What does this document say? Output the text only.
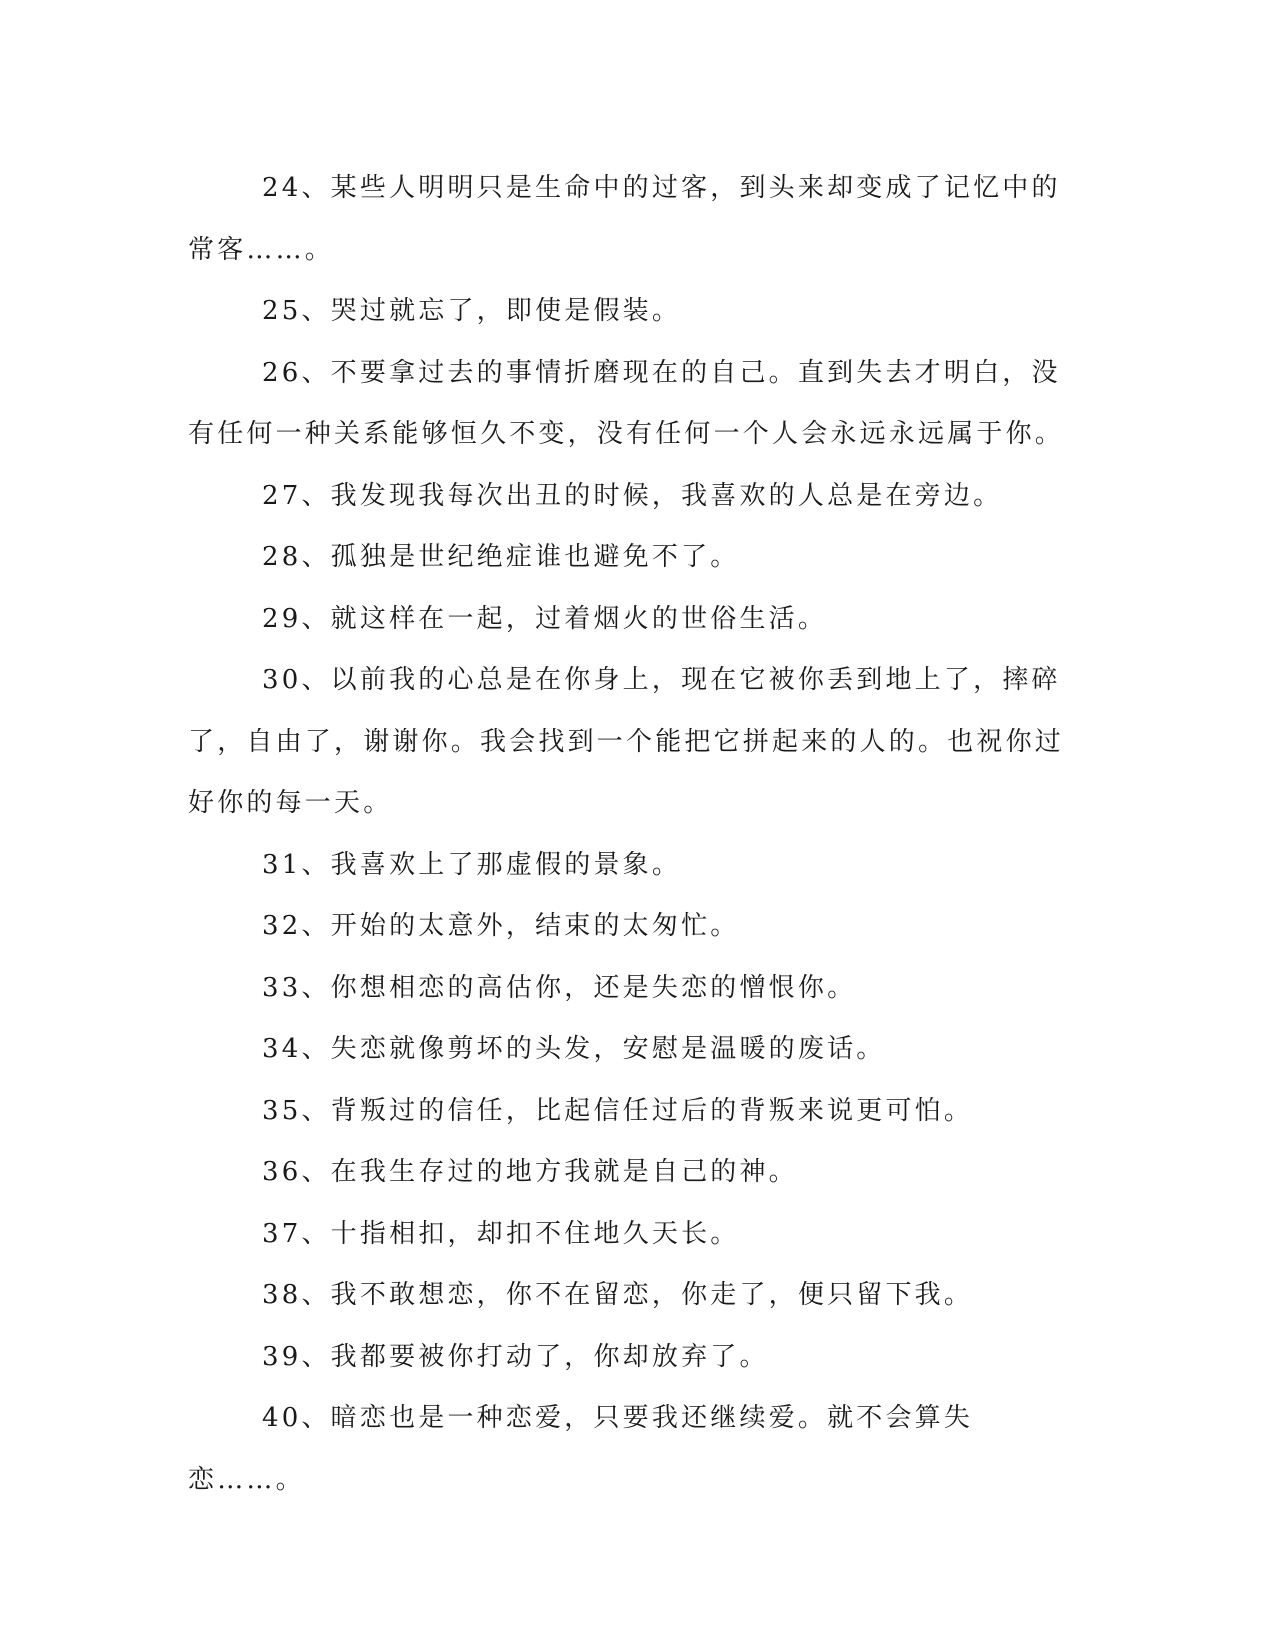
24、某些人明明只是生命中的过客，到头来却变成了记忆中的常客……。

25、哭过就忘了，即使是假装。

26、不要拿过去的事情折磨现在的自己。直到失去才明白，没有任何一种关系能够恒久不变，没有任何一个人会永远永远属于你。

27、我发现我每次出丑的时候，我喜欢的人总是在旁边。

28、孤独是世纪绝症谁也避免不了。

29、就这样在一起，过着烟火的世俗生活。

30、以前我的心总是在你身上，现在它被你丢到地上了，摔碎了，自由了，谢谢你。我会找到一个能把它拼起来的人的。也祝你过好你的每一天。

31、我喜欢上了那虚假的景象。

32、开始的太意外，结束的太匆忙。

33、你想相恋的高估你，还是失恋的憎恨你。

34、失恋就像剪坏的头发，安慰是温暖的废话。

35、背叛过的信任，比起信任过后的背叛来说更可怕。

36、在我生存过的地方我就是自己的神。

37、十指相扣，却扣不住地久天长。

38、我不敢想恋，你不在留恋，你走了，便只留下我。

39、我都要被你打动了，你却放弃了。

40、暗恋也是一种恋爱，只要我还继续爱。就不会算失恋……。
